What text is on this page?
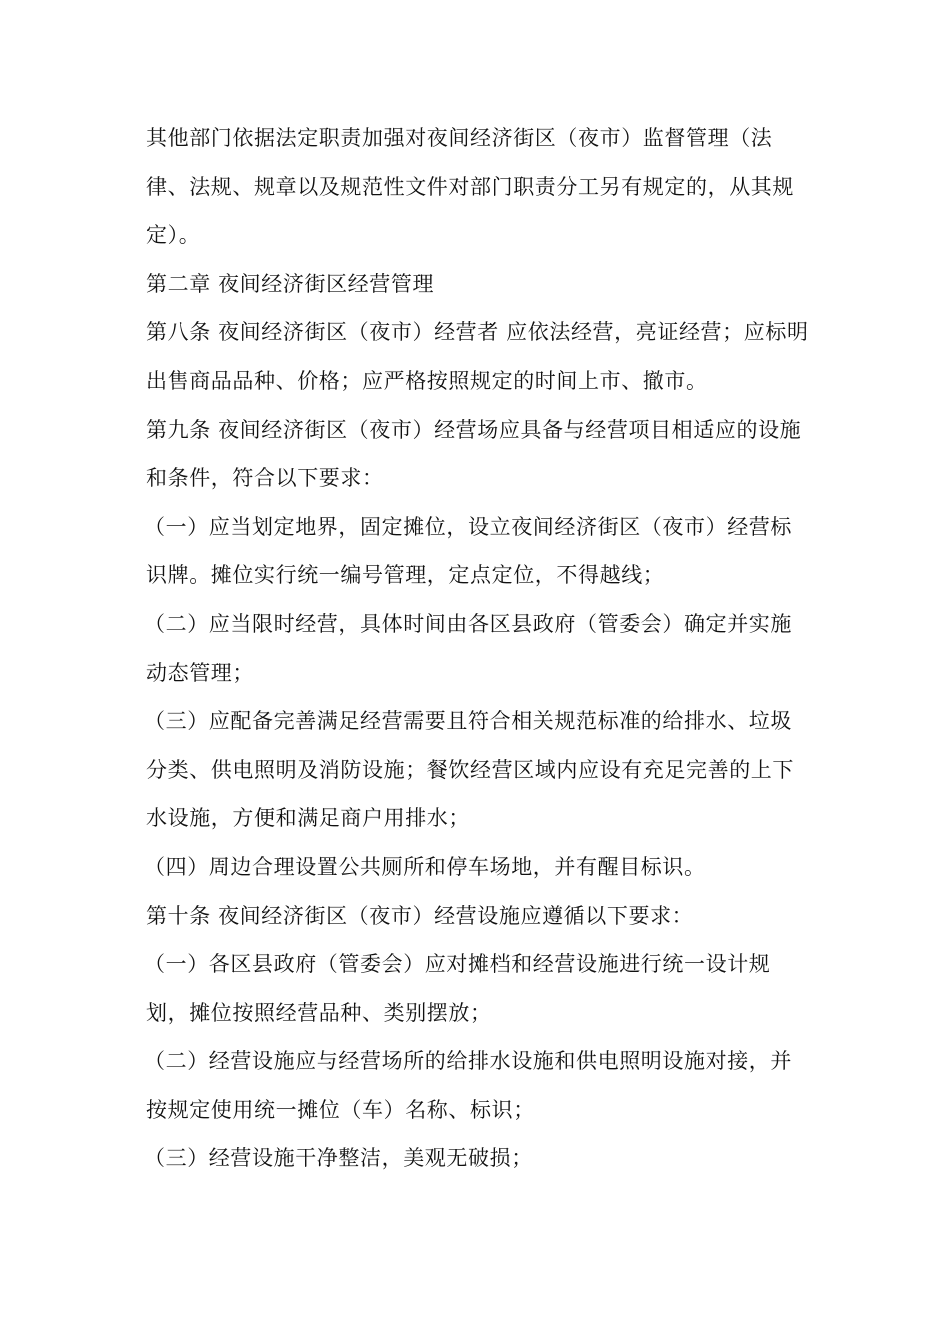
其他部门依据法定职责加强对夜间经济街区（夜市）监督管理（法律、法规、规章以及规范性文件对部门职责分工另有规定的，从其规定）。

第二章 夜间经济街区经营管理

第八条 夜间经济街区（夜市）经营者 应依法经营，亮证经营；应标明出售商品品种、价格；应严格按照规定的时间上市、撤市。

第九条 夜间经济街区（夜市）经营场应具备与经营项目相适应的设施和条件，符合以下要求：

（一）应当划定地界，固定摊位，设立夜间经济街区（夜市）经营标识牌。摊位实行统一编号管理，定点定位，不得越线；

（二）应当限时经营，具体时间由各区县政府（管委会）确定并实施动态管理；

（三）应配备完善满足经营需要且符合相关规范标准的给排水、垃圾分类、供电照明及消防设施；餐饮经营区域内应设有充足完善的上下水设施，方便和满足商户用排水；

（四）周边合理设置公共厕所和停车场地，并有醒目标识。

第十条 夜间经济街区（夜市）经营设施应遵循以下要求：

（一）各区县政府（管委会）应对摊档和经营设施进行统一设计规划，摊位按照经营品种、类别摆放；

（二）经营设施应与经营场所的给排水设施和供电照明设施对接，并按规定使用统一摊位（车）名称、标识；

（三）经营设施干净整洁，美观无破损；
